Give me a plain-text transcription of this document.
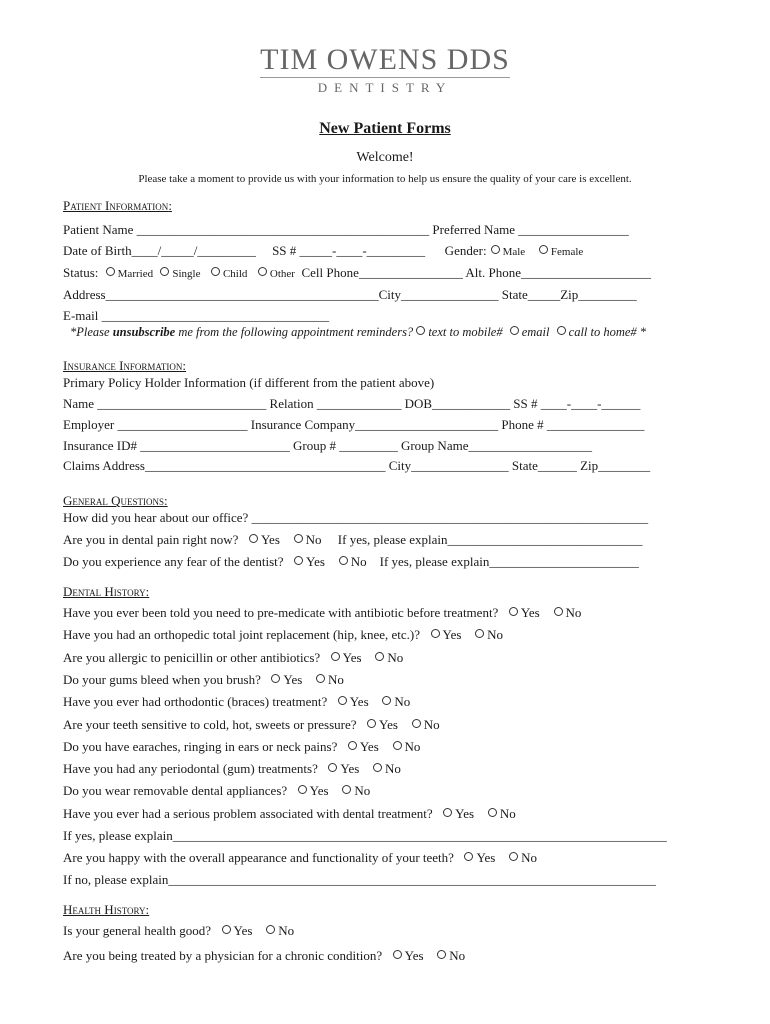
TIM OWENS DDS
DENTISTRY
New Patient Forms
Welcome!
Please take a moment to provide us with your information to help us ensure the quality of your care is excellent.
Patient Information:
Patient Name _____________________________________________ Preferred Name _________________
Date of Birth____/_____/_________     SS # _____-____-_________      Gender: Male Female
Status: Married Single Child Other Cell Phone________________ Alt. Phone____________________
Address__________________________________________City_______________ State_____Zip_________
E-mail ___________________________________
*Please unsubscribe me from the following appointment reminders? text to mobile# email call to home# *
Insurance Information:
Primary Policy Holder Information (if different from the patient above)
Name __________________________ Relation _____________ DOB____________ SS # ____-____-______
Employer ____________________ Insurance Company______________________ Phone # _______________
Insurance ID# _______________________ Group # _________ Group Name___________________
Claims Address_____________________________________ City_______________ State______ Zip________
General Questions:
How did you hear about our office? _____________________________________________________________
Are you in dental pain right now? Yes No If yes, please explain______________________________
Do you experience any fear of the dentist? Yes No If yes, please explain_______________________
Dental History:
Have you ever been told you need to pre-medicate with antibiotic before treatment? Yes No
Have you had an orthopedic total joint replacement (hip, knee, etc.)? Yes No
Are you allergic to penicillin or other antibiotics? Yes No
Do your gums bleed when you brush? Yes No
Have you ever had orthodontic (braces) treatment? Yes No
Are your teeth sensitive to cold, hot, sweets or pressure? Yes No
Do you have earaches, ringing in ears or neck pains? Yes No
Have you had any periodontal (gum) treatments? Yes No
Do you wear removable dental appliances? Yes No
Have you ever had a serious problem associated with dental treatment? Yes No
If yes, please explain____________________________________________________________________________
Are you happy with the overall appearance and functionality of your teeth? Yes No
If no, please explain___________________________________________________________________________
Health History:
Is your general health good? Yes No
Are you being treated by a physician for a chronic condition? Yes No
